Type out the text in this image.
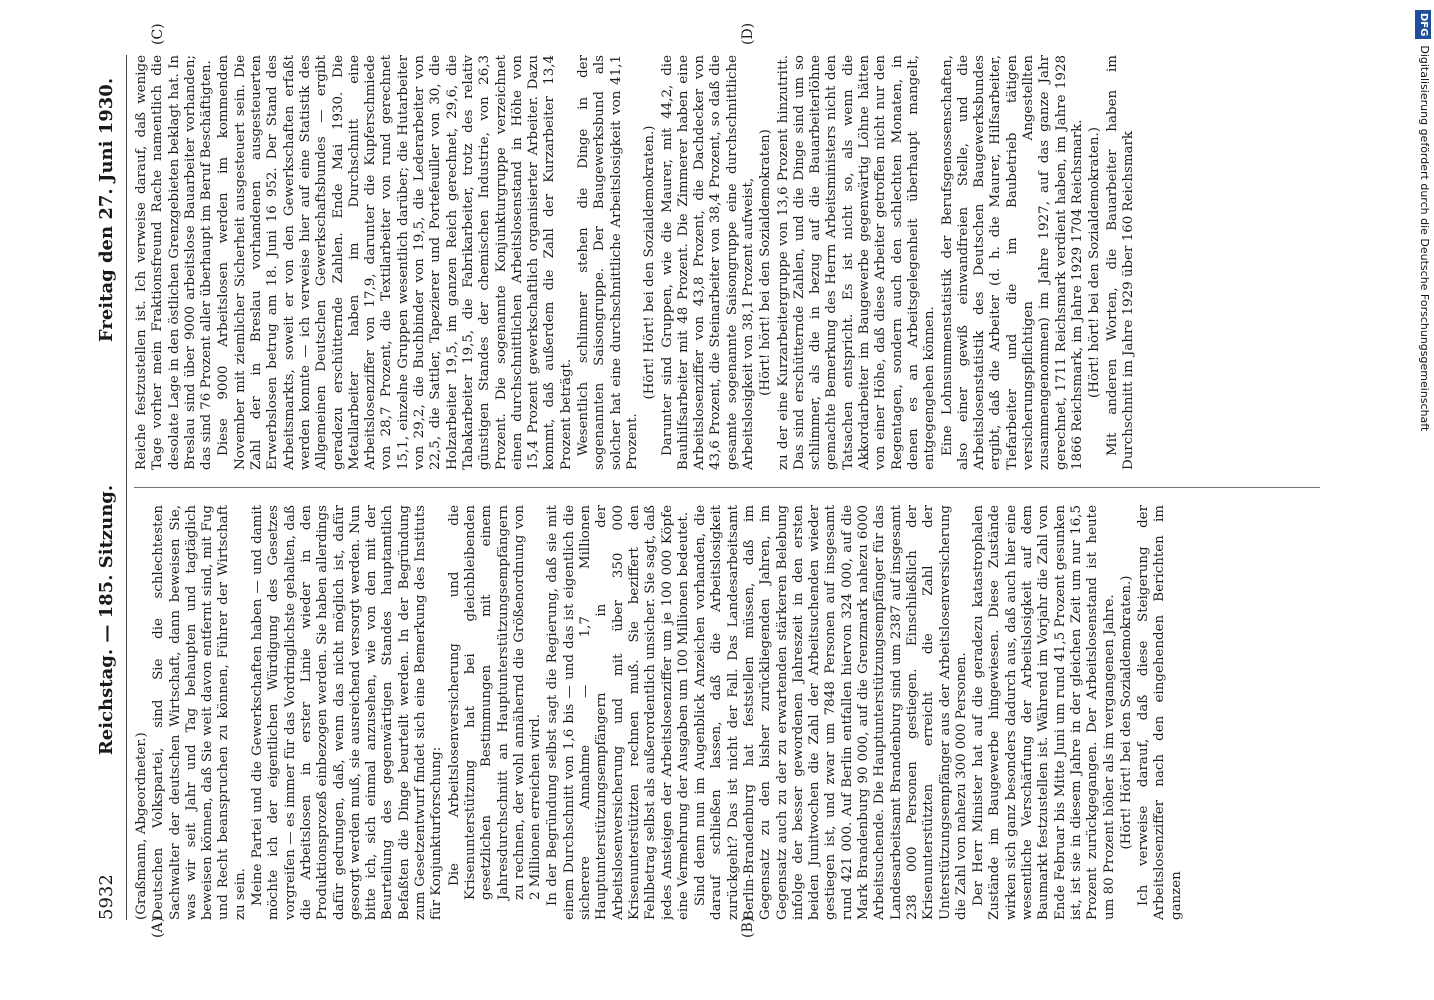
5932
Reichstag. — 185. Sitzung.
Freitag den 27. Juni 1930.
(A)	(B)
(C)	(D)

(Graßmann, Abgeordneter.) Deutschen Volkspartei, sind Sie die schlechtesten Sachwalter der deutschen Wirtschaft, dann beweisen Sie, was wir seit Jahr und Tag behaupten und tagtäglich beweisen können, daß Sie weit davon entfernt sind, mit Fug und Recht beanspruchen zu können, Führer der Wirtschaft zu sein. Meine Partei und die Gewerkschaften haben — und damit möchte ich der eigentlichen Würdigung des Gesetzes vorgreifen — es immer für das Vordringlichste gehalten, daß die Arbeitslosen in erster Linie wieder in den Produktionsprozeß einbezogen werden. Sie haben allerdings dafür gedrungen, daß, wenn das nicht möglich ist, dafür gesorgt werden muß, sie ausreichend versorgt werden. Nun bitte ich, sich einmal anzusehen, wie von den mit der Beurteilung des gegenwärtigen Standes hauptamtlich Befaßten die Dinge beurteilt werden. In der Begründung zum Gesetzentwurf findet sich eine Bemerkung des Instituts für Konjunkturforschung: Die Arbeitslosenversicherung und die Krisenunterstützung hat bei gleichbleibenden gesetzlichen Bestimmungen mit einem Jahresdurchschnitt an Hauptunterstützungsempfängern zu rechnen, der wohl annähernd die Größenordnung von 2 Millionen erreichen wird. In der Begründung selbst sagt die Regierung, daß sie mit einem Durchschnitt von 1,6 bis — und das ist eigentlich die sicherere Annahme — 1,7 Millionen Hauptunterstützungsempfängern in der Arbeitslosenversicherung und mit über 350 000 Krisenunterstützten rechnen muß. Sie beziffert den Fehlbetrag selbst als außerordentlich unsicher. Sie sagt, daß jedes Ansteigen der Arbeitslosenziffer um je 100 000 Köpfe eine Vermehrung der Ausgaben um 100 Millionen bedeutet. Sind denn nun im Augenblick Anzeichen vorhanden, die darauf schließen lassen, daß die Arbeitslosigkeit zurückgeht? Das ist nicht der Fall. Das Landesarbeitsamt Berlin-Brandenburg hat feststellen müssen, daß im Gegensatz zu den bisher zurückliegenden Jahren, im Gegensatz auch zu der zu erwartenden stärkeren Belebung infolge der besser gewordenen Jahreszeit in den ersten beiden Junitwochen die Zahl der Arbeitsuchenden wieder gestiegen ist, und zwar um 7848 Personen auf insgesamt rund 421 000. Auf Berlin entfallen hiervon 324 000, auf die Mark Brandenburg 90 000, auf die Grenzmark nahezu 6000 Arbeitsuchende. Die Hauptunterstützungsempfänger für das Landesarbeitsamt Brandenburg sind um 2387 auf insgesamt 238 000 Personen gestiegen. Einschließlich der Krisenunterstützten erreicht die Zahl der Unterstützungsempfänger aus der Arbeitslosenversicherung die Zahl von nahezu 300 000 Personen. Der Herr Minister hat auf die geradezu katastrophalen Zustände im Baugewerbe hingewiesen. Diese Zustände wirken sich ganz besonders dadurch aus, daß auch hier eine wesentliche Verschärfung der Arbeitslosigkeit auf dem Baumarkt festzustellen ist. Während im Vorjahr die Zahl von Ende Februar bis Mitte Juni um rund 41,5 Prozent gesunken ist, ist sie in diesem Jahre in der gleichen Zeit um nur 16,5 Prozent zurückgegangen. Der Arbeitslosenstand ist heute um 80 Prozent höher als im vergangenen Jahre. (Hört! Hört! bei den Sozialdemokraten.) Ich verweise darauf, daß diese Steigerung der Arbeitslosenziffer nach den eingehenden Berichten im ganzen

Reiche festzustellen ist. Ich verweise darauf, daß wenige Tage vorher mein Fraktionsfreund Rache namentlich die desolate Lage in den östlichen Grenzgebieten beklagt hat. In Breslau sind über 9000 arbeitslose Bauarbeiter vorhanden; das sind 76 Prozent aller überhaupt im Beruf Beschäftigten. Diese 9000 Arbeitslosen werden im kommenden November mit ziemlicher Sicherheit ausgesteuert sein. Die Zahl der in Breslau vorhandenen ausgesteuerten Erwerbslosen betrug am 18. Juni 16 952. Der Stand des Arbeitsmarkts, soweit er von den Gewerkschaften erfaßt werden konnte — ich verweise hier auf eine Statistik des Allgemeinen Deutschen Gewerkschaftsbundes — ergibt geradezu erschütternde Zahlen. Ende Mai 1930. Die Metallarbeiter haben im Durchschnitt eine Arbeitslosenziffer von 17,9, darunter die Kupferschmiede von 28,7 Prozent, die Textilarbeiter von rund gerechnet 15,1, einzelne Gruppen wesentlich darüber; die Hutarbeiter von 29,2, die Buchbinder von 19,5, die Lederarbeiter von 22,5, die Sattler, Tapezierer und Portefeuiller von 30, die Holzarbeiter 19,5, im ganzen Reich gerechnet, 29,6, die Tabakarbeiter 19,5, die Fabrikarbeiter, trotz des relativ günstigen Standes der chemischen Industrie, von 26,3 Prozent. Die sogenannte Konjunkturgruppe verzeichnet einen durchschnittlichen Arbeitslosenstand in Höhe von 15,4 Prozent gewerkschaftlich organisierter Arbeiter. Dazu kommt, daß außerdem die Zahl der Kurzarbeiter 13,4 Prozent beträgt. Wesentlich schlimmer stehen die Dinge in der sogenannten Saisongruppe. Der Baugewerksbund als solcher hat eine durchschnittliche Arbeitslosigkeit von 41,1 Prozent.

(Hört! Hört! bei den Sozialdemokraten.) Darunter sind Gruppen, wie die Maurer, mit 44,2, die Bauhilfsarbeiter mit 48 Prozent. Die Zimmerer haben eine Arbeitslosenziffer von 43,8 Prozent, die Dachdecker von 43,6 Prozent, die Steinarbeiter von 38,4 Prozent, so daß die gesamte sogenannte Saisongruppe eine durchschnittliche Arbeitslosigkeit von 38,1 Prozent aufweist, (Hört! hört! bei den Sozialdemokraten) zu der eine Kurzarbeitergruppe von 13,6 Prozent hinzutritt. Das sind erschütternde Zahlen, und die Dinge sind um so schlimmer, als die in bezug auf die Bauarbeiterlöhne gemachte Bemerkung des Herrn Arbeitsministers nicht den Tatsachen entspricht. Es ist nicht so, als wenn die Akkordarbeiter im Baugewerbe gegenwärtig Löhne hätten von einer Höhe, daß diese Arbeiter getroffen nicht nur den Regentagen, sondern auch den schlechten Monaten, in denen es an Arbeitsgelegenheit überhaupt mangelt, entgegengehen können. Eine Lohnsummenstatistik der Berufsgenossenschaften, also einer gewiß einwandfreien Stelle, und die Arbeitslosenstatistik des Deutschen Baugewerksbundes ergibt, daß die Arbeiter (d. h. die Maurer, Hilfsarbeiter, Tiefarbeiter und die im Baubetrieb tätigen versicherungspflichtigen Angestellten zusammengenommen) im Jahre 1927, auf das ganze Jahr gerechnet, 1711 Reichsmark verdient haben, im Jahre 1928 1866 Reichsmark, im Jahre 1929 1704 Reichsmark. (Hört! hört! bei den Sozialdemokraten.) Mit anderen Worten, die Bauarbeiter haben im Durchschnitt im Jahre 1929 über 160 Reichsmark

DFGDigitalisierung gefördert durch die Deutsche Forschungsgemeinschaft
